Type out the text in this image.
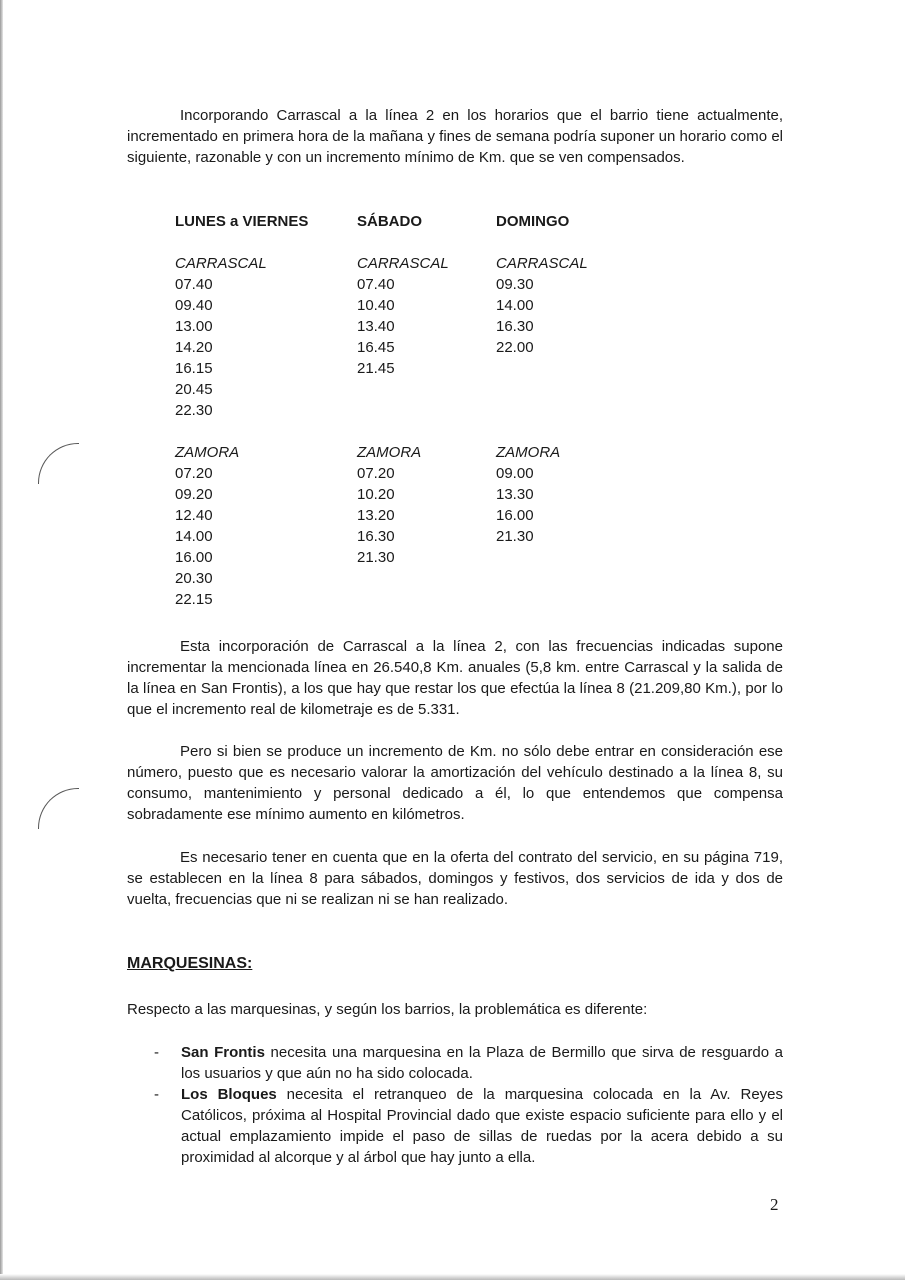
Incorporando Carrascal a la línea 2 en los horarios que el barrio tiene actualmente, incrementado en primera hora de la mañana y fines de semana podría suponer un horario como el siguiente, razonable y con un incremento mínimo de Km. que se ven compensados.

LUNES a VIERNES
CARRASCAL
07.40
09.40
13.00
14.20
16.15
20.45
22.30
ZAMORA
07.20
09.20
12.40
14.00
16.00
20.30
22.15
SÁBADO
CARRASCAL
07.40
10.40
13.40
16.45
21.45
ZAMORA
07.20
10.20
13.20
16.30
21.30
DOMINGO
CARRASCAL
09.30
14.00
16.30
22.00
ZAMORA
09.00
13.30
16.00
21.30

Esta incorporación de Carrascal a la línea 2, con las frecuencias indicadas supone incrementar la mencionada línea en 26.540,8 Km. anuales (5,8 km. entre Carrascal y la salida de la línea en San Frontis), a los que hay que restar los que efectúa la línea 8 (21.209,80 Km.), por lo que el incremento real de kilometraje es de 5.331.

Pero si bien se produce un incremento de Km. no sólo debe entrar en consideración ese número, puesto que es necesario valorar la amortización del vehículo destinado a la línea 8, su consumo, mantenimiento y personal dedicado a él, lo que entendemos que compensa sobradamente ese mínimo aumento en kilómetros.

Es necesario tener en cuenta que en la oferta del contrato del servicio, en su página 719, se establecen en la línea 8 para sábados, domingos y festivos, dos servicios de ida y dos de vuelta, frecuencias que ni se realizan ni se han realizado.

MARQUESINAS:

Respecto a las marquesinas, y según los barrios, la problemática es diferente:

- San Frontis necesita una marquesina en la Plaza de Bermillo que sirva de resguardo a los usuarios y que aún no ha sido colocada.
- Los Bloques necesita el retranqueo de la marquesina colocada en la Av. Reyes Católicos, próxima al Hospital Provincial dado que existe espacio suficiente para ello y el actual emplazamiento impide el paso de sillas de ruedas por la acera debido a su proximidad al alcorque y al árbol que hay junto a ella.
2
